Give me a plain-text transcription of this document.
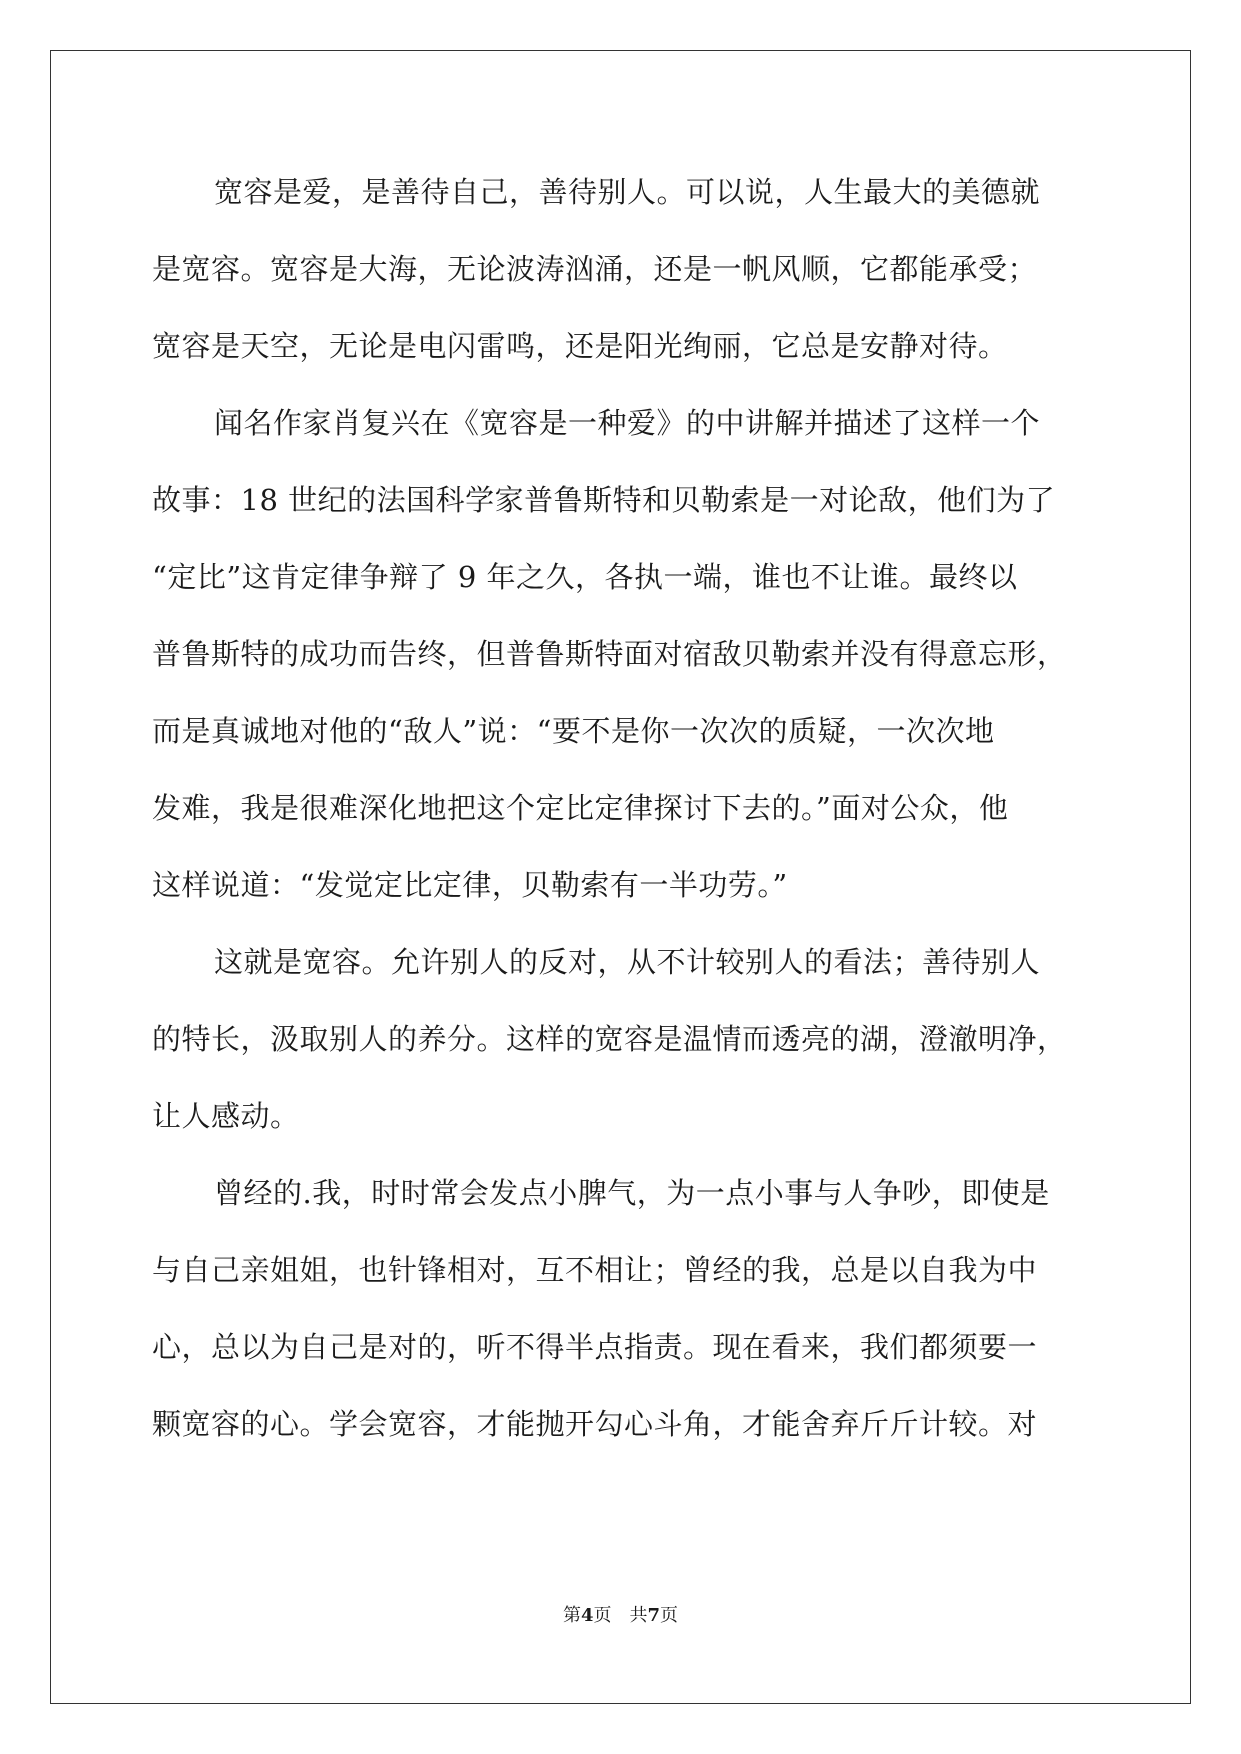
宽容是爱，是善待自己，善待别人。可以说，人生最大的美德就
是宽容。宽容是大海，无论波涛汹涌，还是一帆风顺，它都能承受；
宽容是天空，无论是电闪雷鸣，还是阳光绚丽，它总是安静对待。
闻名作家肖复兴在《宽容是一种爱》的中讲解并描述了这样一个
故事：18 世纪的法国科学家普鲁斯特和贝勒索是一对论敌，他们为了
“定比”这肯定律争辩了 9 年之久，各执一端，谁也不让谁。最终以
普鲁斯特的成功而告终，但普鲁斯特面对宿敌贝勒索并没有得意忘形，
而是真诚地对他的“敌人”说：“要不是你一次次的质疑，一次次地
发难，我是很难深化地把这个定比定律探讨下去的。”面对公众，他
这样说道：“发觉定比定律，贝勒索有一半功劳。”
这就是宽容。允许别人的反对，从不计较别人的看法；善待别人
的特长，汲取别人的养分。这样的宽容是温情而透亮的湖，澄澈明净，
让人感动。
曾经的.我，时时常会发点小脾气，为一点小事与人争吵，即使是
与自己亲姐姐，也针锋相对，互不相让；曾经的我，总是以自我为中
心，总以为自己是对的，听不得半点指责。现在看来，我们都须要一
颗宽容的心。学会宽容，才能抛开勾心斗角，才能舍弃斤斤计较。对
第4页 共7页
